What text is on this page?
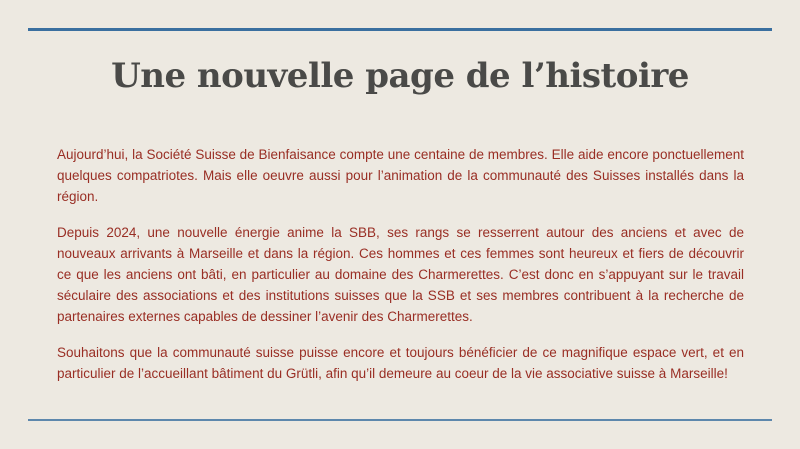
Une nouvelle page de l’histoire

Aujourd’hui, la Société Suisse de Bienfaisance compte une centaine de membres. Elle aide encore ponctuellement quelques compatriotes. Mais elle oeuvre aussi pour l’animation de la communauté des Suisses installés dans la région.

Depuis 2024, une nouvelle énergie anime la SBB, ses rangs se resserrent autour des anciens et avec de nouveaux arrivants à Marseille et dans la région. Ces hommes et ces femmes sont heureux et fiers de découvrir ce que les anciens ont bâti, en particulier au domaine des Charmerettes. C’est donc en s’appuyant sur le travail séculaire des associations et des institutions suisses que la SSB et ses membres contribuent à la recherche de partenaires externes capables de dessiner l’avenir des Charmerettes.

Souhaitons que la communauté suisse puisse encore et toujours bénéficier de ce magnifique espace vert, et en particulier de l’accueillant bâtiment du Grütli, afin qu’il demeure au coeur de la vie associative suisse à Marseille!
